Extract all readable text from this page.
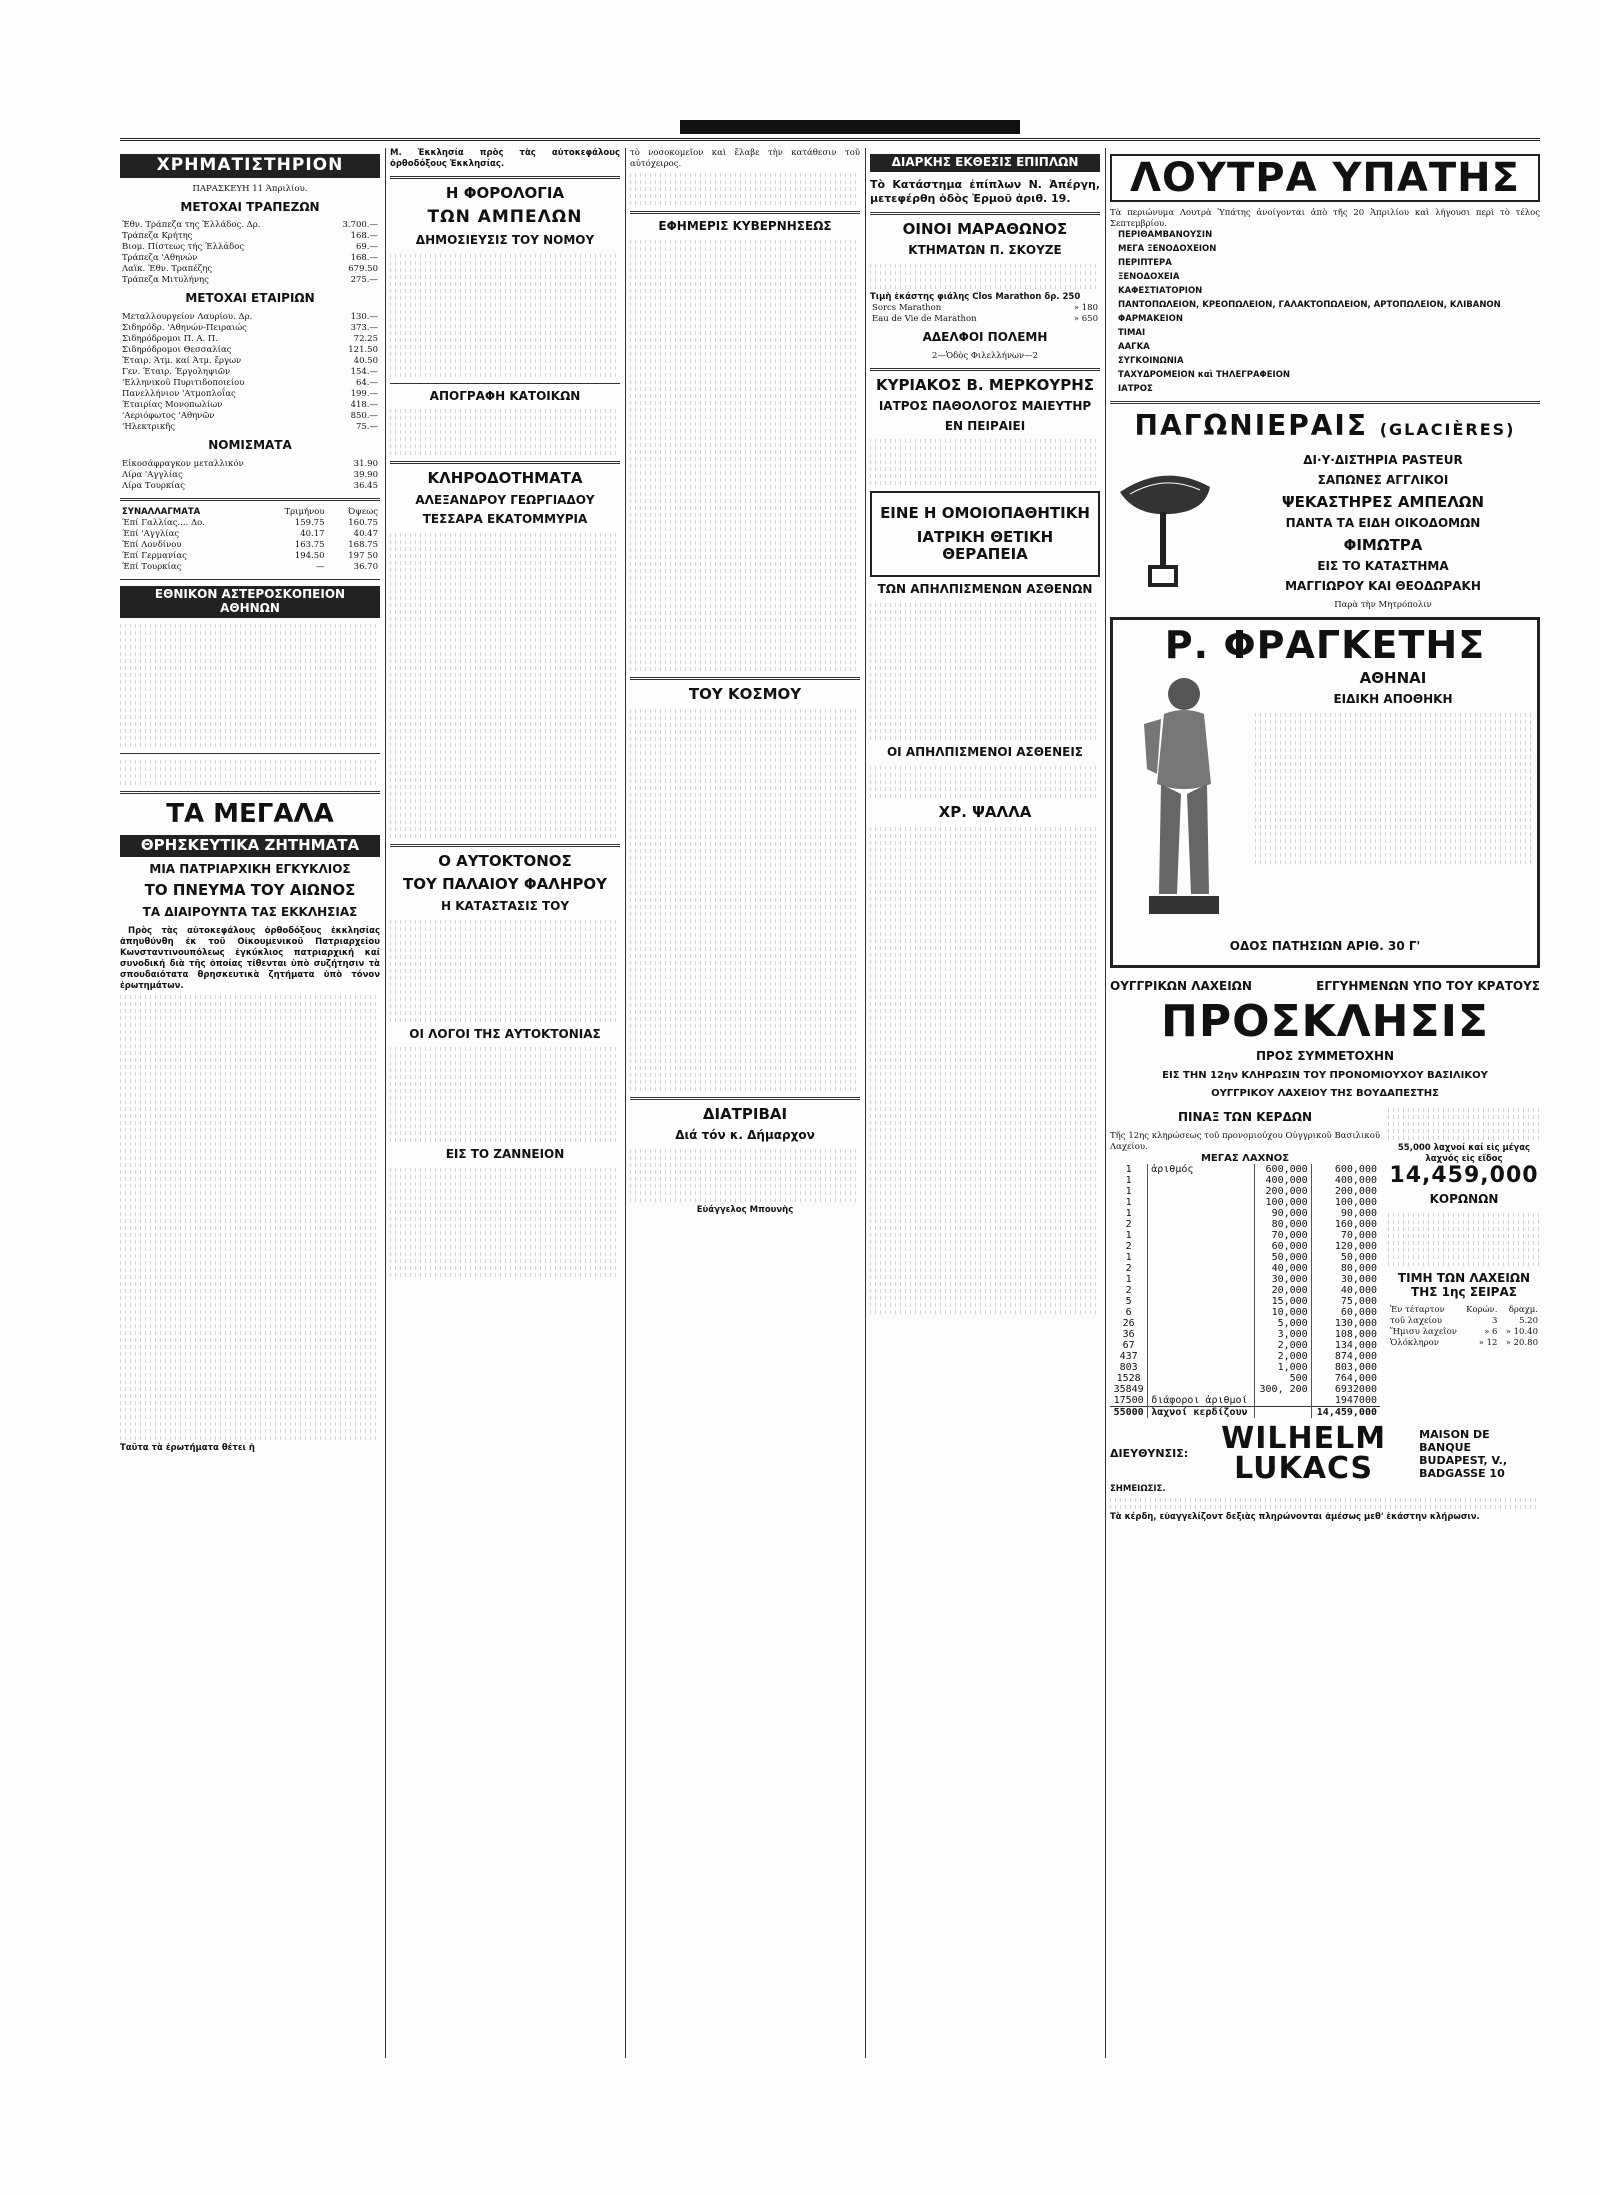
ΧΡΗΜΑΤΙΣΤΗΡΙΟΝ
ΠΑΡΑΣΚΕΥΗ 11 Άπριλίου.
ΜΕΤΟΧΑΙ ΤΡΑΠΕΖΩΝ
Έθν. Τράπεζα της Έλλάδος. Δρ.	3.700.—
Τράπεζα Κρήτης	168.—
Βιομ. Πίστεως τής Έλλάδος	69.—
Τράπεζα 'Αθηνών	168.—
Λαϊκ. Έθν. Τραπέζης	679.50
Τράπεζα Μιτυλήνης	275.—
ΜΕΤΟΧΑΙ ΕΤΑΙΡΙΩΝ
Μεταλλουργείον Λαυρίου. Δρ.	130.—
Σιδηρόδρ. 'Αθηνών-Πειραιώς	373.—
Σιδηρόδρομοι Π. Α. Π.	72.25
Σιδηρόδρομοι Θεσσαλίας	121.50
Έταιρ. Άτμ. καί Άτμ. ἔργων	40.50
Γεν. Έταιρ. Έργοληψιῶν	154.—
'Ελληνικοῦ Πυριτιδοποιείου	64.—
Πανελλήνιον 'Ατμοπλοΐας	199.—
Έταιρίας Μονοπωλίων	418.—
'Αεριόφωτος 'Αθηνῶν	850.—
'Ηλεκτρικῆς	75.—
ΝΟΜΙΣΜΑΤΑ
Εἰκοσάφραγκον μεταλλικόν	31.90
Λίρα 'Αγγλίας	39.90
Λίρα Τουρκίας	36.45
ΣΥΝΑΛΛΑΓΜΑΤΑ	Τριμήνου	Όψεως
Έπί Γαλλίας.... Δο.	159.75	160.75
Έπί 'Αγγλίας	40.17	40.47
Έπί Λονδίνου	163.75	168.75
Έπί Γερμανίας	194.50	197 50
Έπί Τουρκίας	—	36.70
ΕΘΝΙΚΟΝ ΑΣΤΕΡΟΣΚΟΠΕΙΟΝ ΑΘΗΝΩΝ
ΤΑ ΜΕΓΑΛΑ
ΘΡΗΣΚΕΥΤΙΚΑ ΖΗΤΗΜΑΤΑ
ΜΙΑ ΠΑΤΡΙΑΡΧΙΚΗ ΕΓΚΥΚΛΙΟΣ
ΤΟ ΠΝΕΥΜΑ ΤΟΥ ΑΙΩΝΟΣ
ΤΑ ΔΙΑΙΡΟΥΝΤΑ ΤΑΣ ΕΚΚΛΗΣΙΑΣ

Πρὸς τὰς αὐτοκεφάλους ὀρθοδόξους ἐκκλησίας ἀπηυθύνθη ἐκ τοῦ Οἰκουμενικοῦ Πατριαρχείου Κωνσταντινουπόλεως ἐγκύκλιος πατριαρχική καί συνοδική διὰ τῆς ὁποίας τίθενται ὑπὸ συζήτησιν τὰ σπουδαιότατα θρησκευτικὰ ζητήματα ὑπὸ τόνον ἐρωτημάτων.

Ταῦτα τὰ ἐρωτήματα θέτει ἡ
Μ. Ἐκκλησία πρὸς τὰς αὐτοκεφάλους ὀρθοδόξους Ἐκκλησίας.
Η ΦΟΡΟΛΟΓΙΑ
ΤΩΝ ΑΜΠΕΛΩΝ
ΔΗΜΟΣΙΕΥΣΙΣ ΤΟΥ ΝΟΜΟΥ
ΑΠΟΓΡΑΦΗ ΚΑΤΟΙΚΩΝ
ΚΛΗΡΟΔΟΤΗΜΑΤΑ
ΑΛΕΞΑΝΔΡΟΥ ΓΕΩΡΓΙΑΔΟΥ
ΤΕΣΣΑΡΑ ΕΚΑΤΟΜΜΥΡΙΑ
Ο ΑΥΤΟΚΤΟΝΟΣ
ΤΟΥ ΠΑΛΑΙΟΥ ΦΑΛΗΡΟΥ
Η ΚΑΤΑΣΤΑΣΙΣ ΤΟΥ
ΟΙ ΛΟΓΟΙ ΤΗΣ ΑΥΤΟΚΤΟΝΙΑΣ
ΕΙΣ ΤΟ ΖΑΝΝΕΙΟΝ
τὸ νοσοκομεῖον καὶ ἔλαβε τὴν κατάθεσιν τοῦ αὐτόχειρος.
ΕΦΗΜΕΡΙΣ ΚΥΒΕΡΝΗΣΕΩΣ
ΤΟΥ ΚΟΣΜΟΥ
ΔΙΑΤΡΙΒΑΙ
Διά τόν κ. Δήμαρχον
Εὐάγγελος Μπουνὴς
ΔΙΑΡΚΗΣ ΕΚΘΕΣΙΣ ΕΠΙΠΛΩΝ
Τὸ Κατάστημα ἐπίπλων Ν. Ἀπέργη, μετεφέρθη ὁδὸς Ἑρμοῦ ἀριθ. 19.
ΟΙΝΟΙ ΜΑΡΑΘΩΝΟΣ
ΚΤΗΜΑΤΩΝ Π. ΣΚΟΥΖΕ
Τιμὴ ἑκάστης φιάλης Clos Marathon δρ. 250
Sorcs Marathon	» 180
Eau de Vie de Marathon	» 650
ΑΔΕΛΦΟΙ ΠΟΛΕΜΗ
2—Ὁδὸς Φιλελλήνων—2
ΚΥΡΙΑΚΟΣ Β. ΜΕΡΚΟΥΡΗΣ
ΙΑΤΡΟΣ ΠΑΘΟΛΟΓΟΣ ΜΑΙΕΥΤΗΡ
ΕΝ ΠΕΙΡΑΙΕΙ
ΕΙΝΕ Η ΟΜΟΙΟΠΑΘΗΤΙΚΗ
ΙΑΤΡΙΚΗ ΘΕΤΙΚΗ ΘΕΡΑΠΕΙΑ
ΤΩΝ ΑΠΗΛΠΙΣΜΕΝΩΝ ΑΣΘΕΝΩΝ
ΟΙ ΑΠΗΛΠΙΣΜΕΝΟΙ ΑΣΘΕΝΕΙΣ
ΧΡ. ΨΑΛΛΑ
ΛΟΥΤΡΑ ΥΠΑΤΗΣ
Τὰ περιώνυμα Λουτρὰ Ὑπάτης ἀνοίγονται ἀπὸ τῆς 20 Ἀπριλίου καὶ λήγουσι περὶ τὸ τέλος Σεπτεμβρίου.

ΠΕΡΙΘΑΜΒΑΝΟΥΣΙΝ

ΜΕΓΑ ΞΕΝΟΔΟΧΕΙΟΝ

ΠΕΡΙΠΤΕΡΑ

ΞΕΝΟΔΟΧΕΙΑ

ΚΑΦΕΣΤΙΑΤΟΡΙΟΝ

ΠΑΝΤΟΠΩΛΕΙΟΝ, ΚΡΕΟΠΩΛΕΙΟΝ, ΓΑΛΑΚΤΟΠΩΛΕΙΟΝ, ΑΡΤΟΠΩΛΕΙΟΝ, ΚΛΙΒΑΝΟΝ

ΦΑΡΜΑΚΕΙΟΝ

ΤΙΜΑΙ

ΑΑΓΚΑ

ΣΥΓΚΟΙΝΩΝΙΑ

ΤΑΧΥΔΡΟΜΕΙΟΝ καὶ ΤΗΛΕΓΡΑΦΕΙΟΝ

ΙΑΤΡΟΣ

ΠΑΓΩΝΙΕΡΑΙΣ (GLACIÈRES)
ΔΙ·Υ·ΔΙΣΤΗΡΙΑ PASTEUR
ΣΑΠΩΝΕΣ ΑΓΓΛΙΚΟΙ
ΨΕΚΑΣΤΗΡΕΣ ΑΜΠΕΛΩΝ
ΠΑΝΤΑ ΤΑ ΕΙΔΗ ΟΙΚΟΔΟΜΩΝ
ΦΙΜΩΤΡΑ
ΕΙΣ ΤΟ ΚΑΤΑΣΤΗΜΑ
ΜΑΓΓΙΩΡΟΥ ΚΑΙ ΘΕΟΔΩΡΑΚΗ
Παρὰ τὴν Μητρόπολιν
Ρ. ΦΡΑΓΚΕΤΗΣ
ΑΘΗΝΑΙ
ΕΙΔΙΚΗ ΑΠΟΘΗΚΗ
ΟΔΟΣ ΠΑΤΗΣΙΩΝ ΑΡΙΘ. 30 Γ'
ΟΥΓΓΡΙΚΩΝ ΛΑΧΕΙΩΝ	ΕΓΓΥΗΜΕΝΩΝ ΥΠΟ ΤΟΥ ΚΡΑΤΟΥΣ
ΠΡΟΣΚΛΗΣΙΣ
ΠΡΟΣ ΣΥΜΜΕΤΟΧΗΝ
ΕΙΣ ΤΗΝ 12ην ΚΛΗΡΩΣΙΝ ΤΟΥ ΠΡΟΝΟΜΙΟΥΧΟΥ ΒΑΣΙΛΙΚΟΥ
ΟΥΓΓΡΙΚΟΥ ΛΑΧΕΙΟΥ ΤΗΣ ΒΟΥΔΑΠΕΣΤΗΣ
ΠΙΝΑΞ ΤΩΝ ΚΕΡΔΩΝ
Τῆς 12ης κληρώσεως τοῦ προνομιούχου Οὐγγρικοῦ Βασιλικοῦ Λαχείου.
ΜΕΓΑΣ ΛΑΧΝΟΣ			
1	ἀριθμός	600,000	600,000
1		400,000	400,000
1		200,000	200,000
1		100,000	100,000
1		90,000	90,000
2		80,000	160,000
1		70,000	70,000
2		60,000	120,000
1		50,000	50,000
2		40,000	80,000
1		30,000	30,000
2		20,000	40,000
5		15,000	75,000
6		10,000	60,000
26		5,000	130,000
36		3,000	108,000
67		2,000	134,000
437		2,000	874,000
803		1,000	803,000
1528		500	764,000
35849		300, 200	6932000
17500	διάφοροι ἀριθμοί		1947000
55000	λαχνοί κερδίζουν		14,459,000
55,000 λαχνοί καί εἰς μέγας λαχνός εἰς εἴδος
14,459,000
ΚΟΡΩΝΩΝ
ΤΙΜΗ ΤΩΝ ΛΑΧΕΙΩΝ ΤΗΣ 1ης ΣΕΙΡΑΣ
Ἐν τέταρτον τοῦ λαχείου	Κορών. 3	δραχμ. 5.20
Ἥμισυ λαχεῖον	» 6	» 10.40
Ὁλόκληρον	» 12	» 20.80
ΔΙΕΥΘΥΝΣΙΣ:	WILHELM LUKACS
MAISON DE BANQUE
BUDAPEST, V., BADGASSE 10
ΣΗΜΕΙΩΣΙΣ.
Τὰ κέρδη, εὐαγγελίζοντ δεξιὰς πληρώνονται ἀμέσως μεθ' ἑκάστην κλήρωσιν.
